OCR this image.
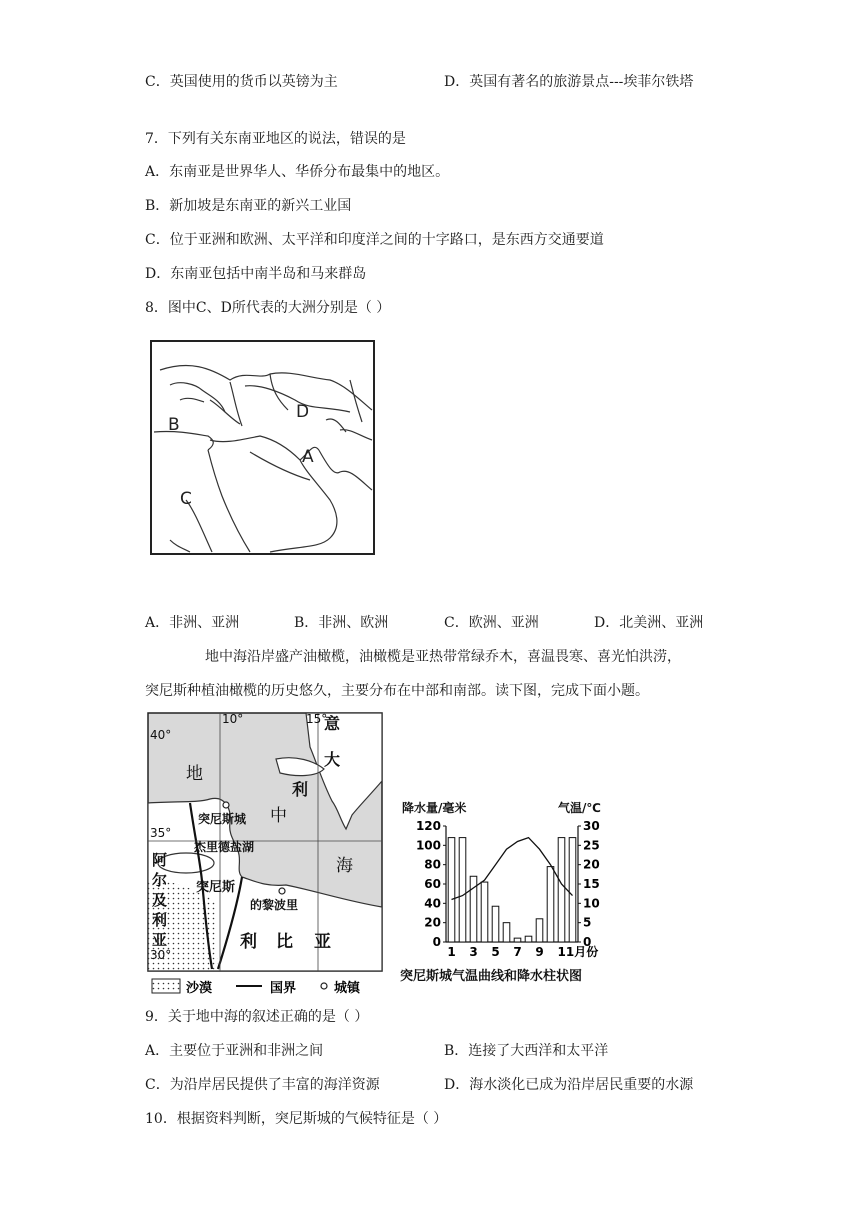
C．英国使用的货币以英镑为主	D．英国有著名的旅游景点---埃菲尔铁塔
7．下列有关东南亚地区的说法，错误的是
A．东南亚是世界华人、华侨分布最集中的地区。
B．新加坡是东南亚的新兴工业国
C．位于亚洲和欧洲、太平洋和印度洋之间的十字路口，是东西方交通要道
D．东南亚包括中南半岛和马来群岛
8．图中C、D所代表的大洲分别是（ ）
B
D
A
C
A．非洲、亚洲	B．非洲、欧洲	C．欧洲、亚洲	D．北美洲、亚洲
地中海沿岸盛产油橄榄，油橄榄是亚热带常绿乔木，喜温畏寒、喜光怕洪涝，
突尼斯种植油橄榄的历史悠久，主要分布在中部和南部。读下图，完成下面小题。
10°	15°
40°
35°
30°
意
大
利
地
中
海
突尼斯城
杰里德盐湖
突尼斯
的黎波里
阿
尔
及
利
亚	利 比 亚
沙漠	国界	城镇
降水量/毫米	气温/℃
突尼斯城气温曲线和降水柱状图
0
20
40
60
80
100
120
0
5
10
15
20
25
30
1 3 5 7 9 11月份
9．关于地中海的叙述正确的是（ ）
A．主要位于亚洲和非洲之间	B．连接了大西洋和太平洋
C．为沿岸居民提供了丰富的海洋资源	D．海水淡化已成为沿岸居民重要的水源
10．根据资料判断，突尼斯城的气候特征是（ ）
